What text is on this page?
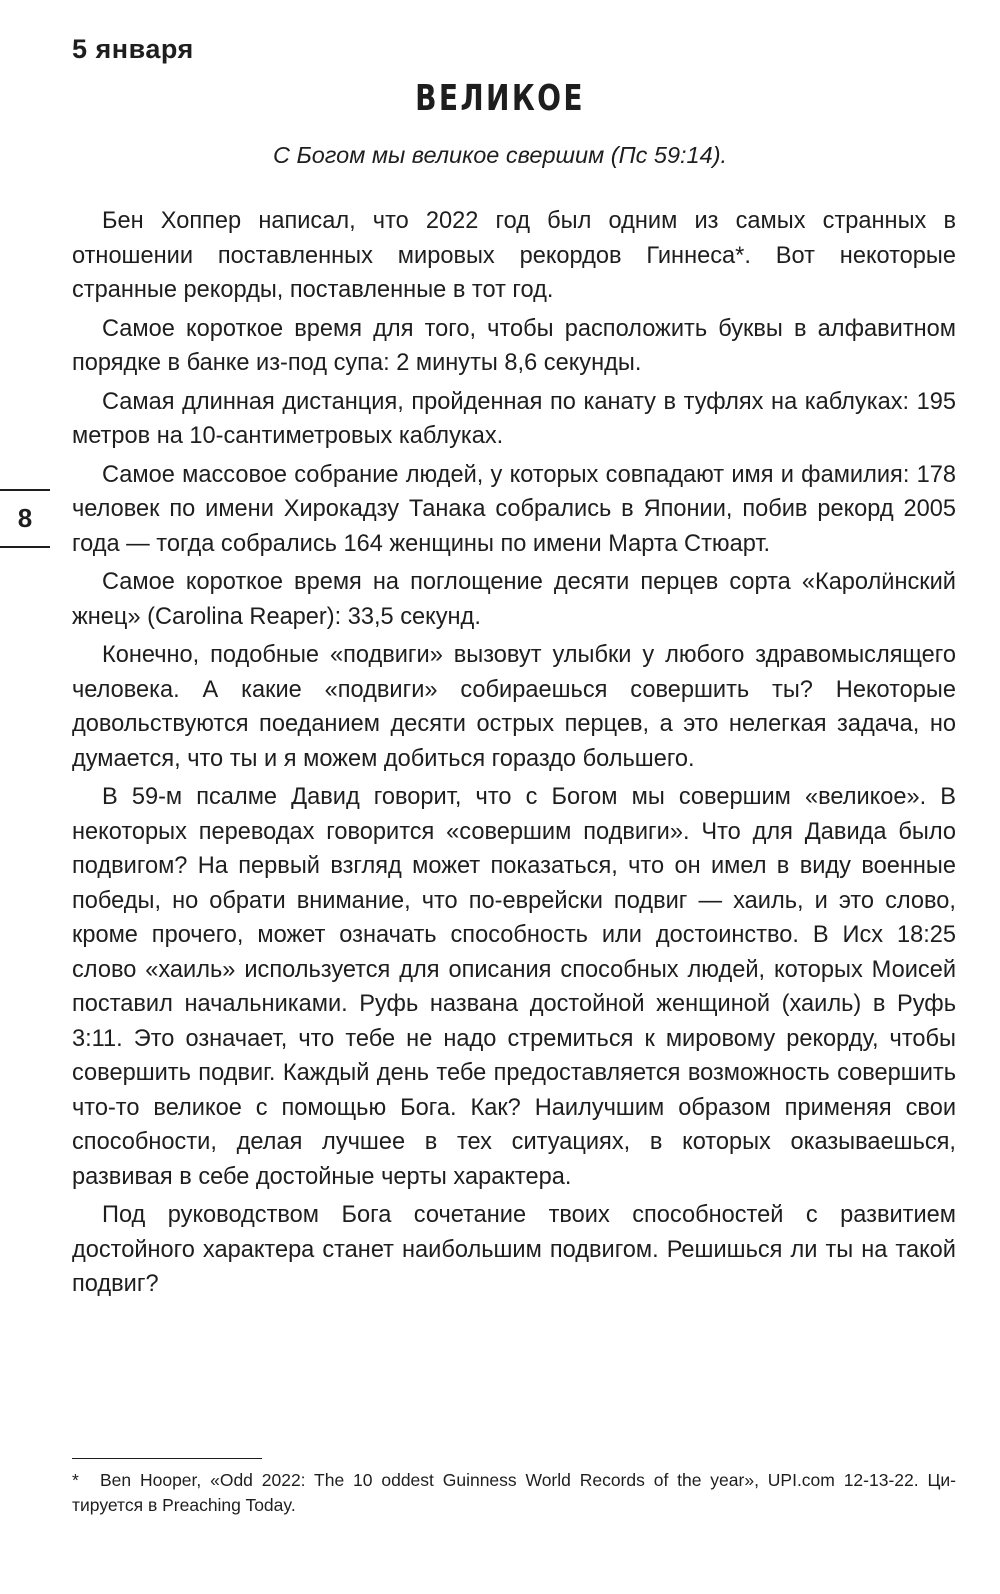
5 января
ВЕЛИКОЕ

С Богом мы великое свершим (Пс 59:14).

8

Бен Хоппер написал, что 2022 год был одним из самых странных в отношении поставленных мировых рекордов Гиннеса*. Вот некоторые странные рекорды, поставленные в тот год.

Самое короткое время для того, чтобы расположить буквы в алфавитном порядке в банке из-под супа: 2 минуты 8,6 секунды.

Самая длинная дистанция, пройденная по канату в туфлях на каблуках: 195 метров на 10-сантиметровых каблуках.

Самое массовое собрание людей, у которых совпадают имя и фамилия: 178 человек по имени Хирокадзу Танака собрались в Японии, побив рекорд 2005 года — тогда собрались 164 женщины по имени Марта Стюарт.

Самое короткое время на поглощение десяти перцев сорта «Каролӥнский жнец» (Carolina Reaper): 33,5 секунд.

Конечно, подобные «подвиги» вызовут улыбки у любого здравомыслящего человека. А какие «подвиги» собираешься совершить ты? Некоторые довольствуются поеданием десяти острых перцев, а это нелегкая задача, но думается, что ты и я можем добиться гораздо большего.

В 59-м псалме Давид говорит, что с Богом мы совершим «великое». В некоторых переводах говорится «совершим подвиги». Что для Давида было подвигом? На первый взгляд может показаться, что он имел в виду военные победы, но обрати внимание, что по-еврейски подвиг — хаиль, и это слово, кроме прочего, может означать способность или достоинство. В Исх 18:25 слово «хаиль» используется для описания способных людей, которых Моисей поставил начальниками. Руфь названа достойной женщиной (хаиль) в Руфь 3:11. Это означает, что тебе не надо стремиться к мировому рекорду, чтобы совершить подвиг. Каждый день тебе предоставляется возможность совершить что-то великое с помощью Бога. Как? Наилучшим образом применяя свои способности, делая лучшее в тех ситуациях, в которых оказываешься, развивая в себе достойные черты характера.

Под руководством Бога сочетание твоих способностей с развитием достойного характера станет наибольшим подвигом. Решишься ли ты на такой подвиг?

* Ben Hooper, «Odd 2022: The 10 oddest Guinness World Records of the year», UPI.com 12-13-22. Цитируется в Preaching Today.
